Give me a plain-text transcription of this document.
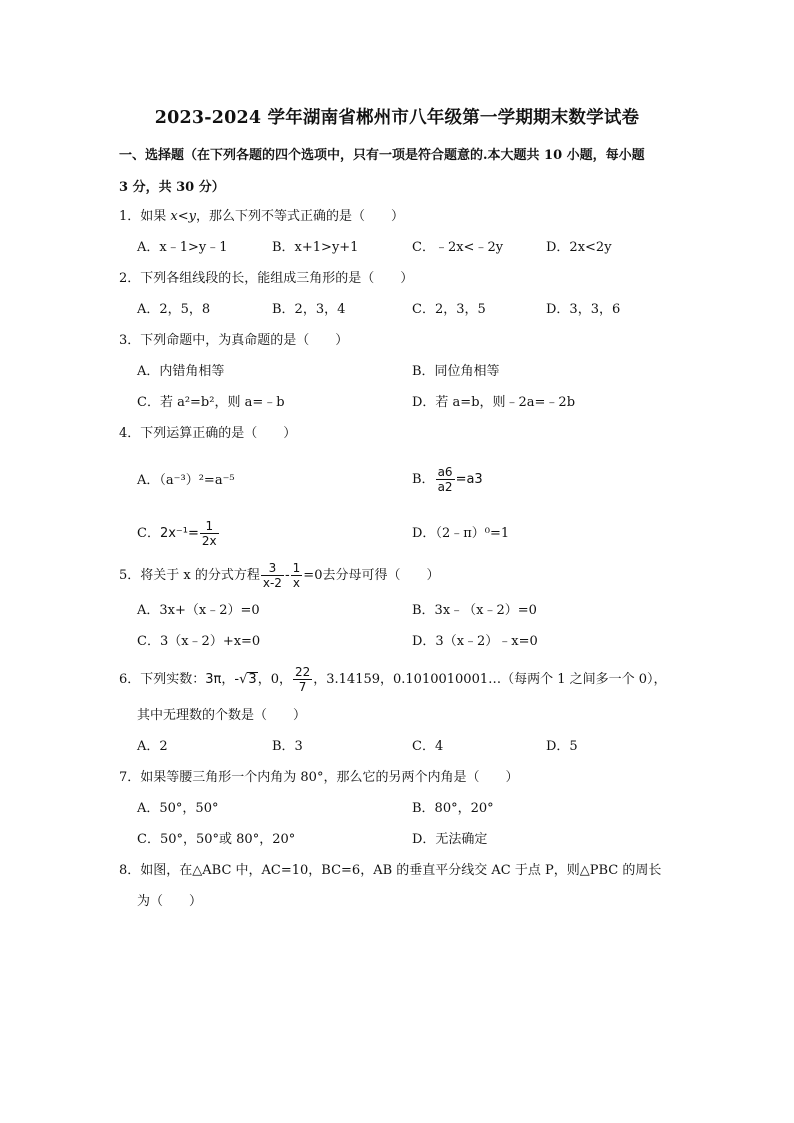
2023-2024 学年湖南省郴州市八年级第一学期期末数学试卷
一、选择题（在下列各题的四个选项中，只有一项是符合题意的.本大题共 10 小题，每小题
3 分，共 30 分）
1．如果 x<y，那么下列不等式正确的是（　　）
A．x﹣1>y﹣1	B．x+1>y+1	C．﹣2x<﹣2y	D．2x<2y
2．下列各组线段的长，能组成三角形的是（　　）
A．2，5，8	B．2，3，4	C．2，3，5	D．3，3，6
3．下列命题中，为真命题的是（　　）
A．内错角相等	B．同位角相等
C．若 a²=b²，则 a=﹣b	D．若 a=b，则﹣2a=﹣2b
4．下列运算正确的是（　　）
A．（a⁻³）²=a⁻⁵	B． $\frac{a6}{a2} =a3$
C．$2x^{-1}= \frac{1}{2x}$	D．（2﹣π）⁰=1
5．将关于 x 的分式方程 $\frac{3}{x-2} - \frac{1}{x} =0$去分母可得（　　）
A．3x+（x﹣2）=0	B．3x﹣（x﹣2）=0
C．3（x﹣2）+x=0	D．3（x﹣2）﹣x=0
6．下列实数：3π，-√3，0， $\frac{22}{7}$ ，3.14159，0.1010010001…（每两个 1 之间多一个 0），
其中无理数的个数是（　　）
A．2	B．3	C．4	D．5
7．如果等腰三角形一个内角为 80°，那么它的另两个内角是（　　）
A．50°，50°	B．80°，20°
C．50°，50°或 80°，20°	D．无法确定
8．如图，在△ABC 中，AC=10，BC=6，AB 的垂直平分线交 AC 于点 P，则△PBC 的周长
为（　　）
